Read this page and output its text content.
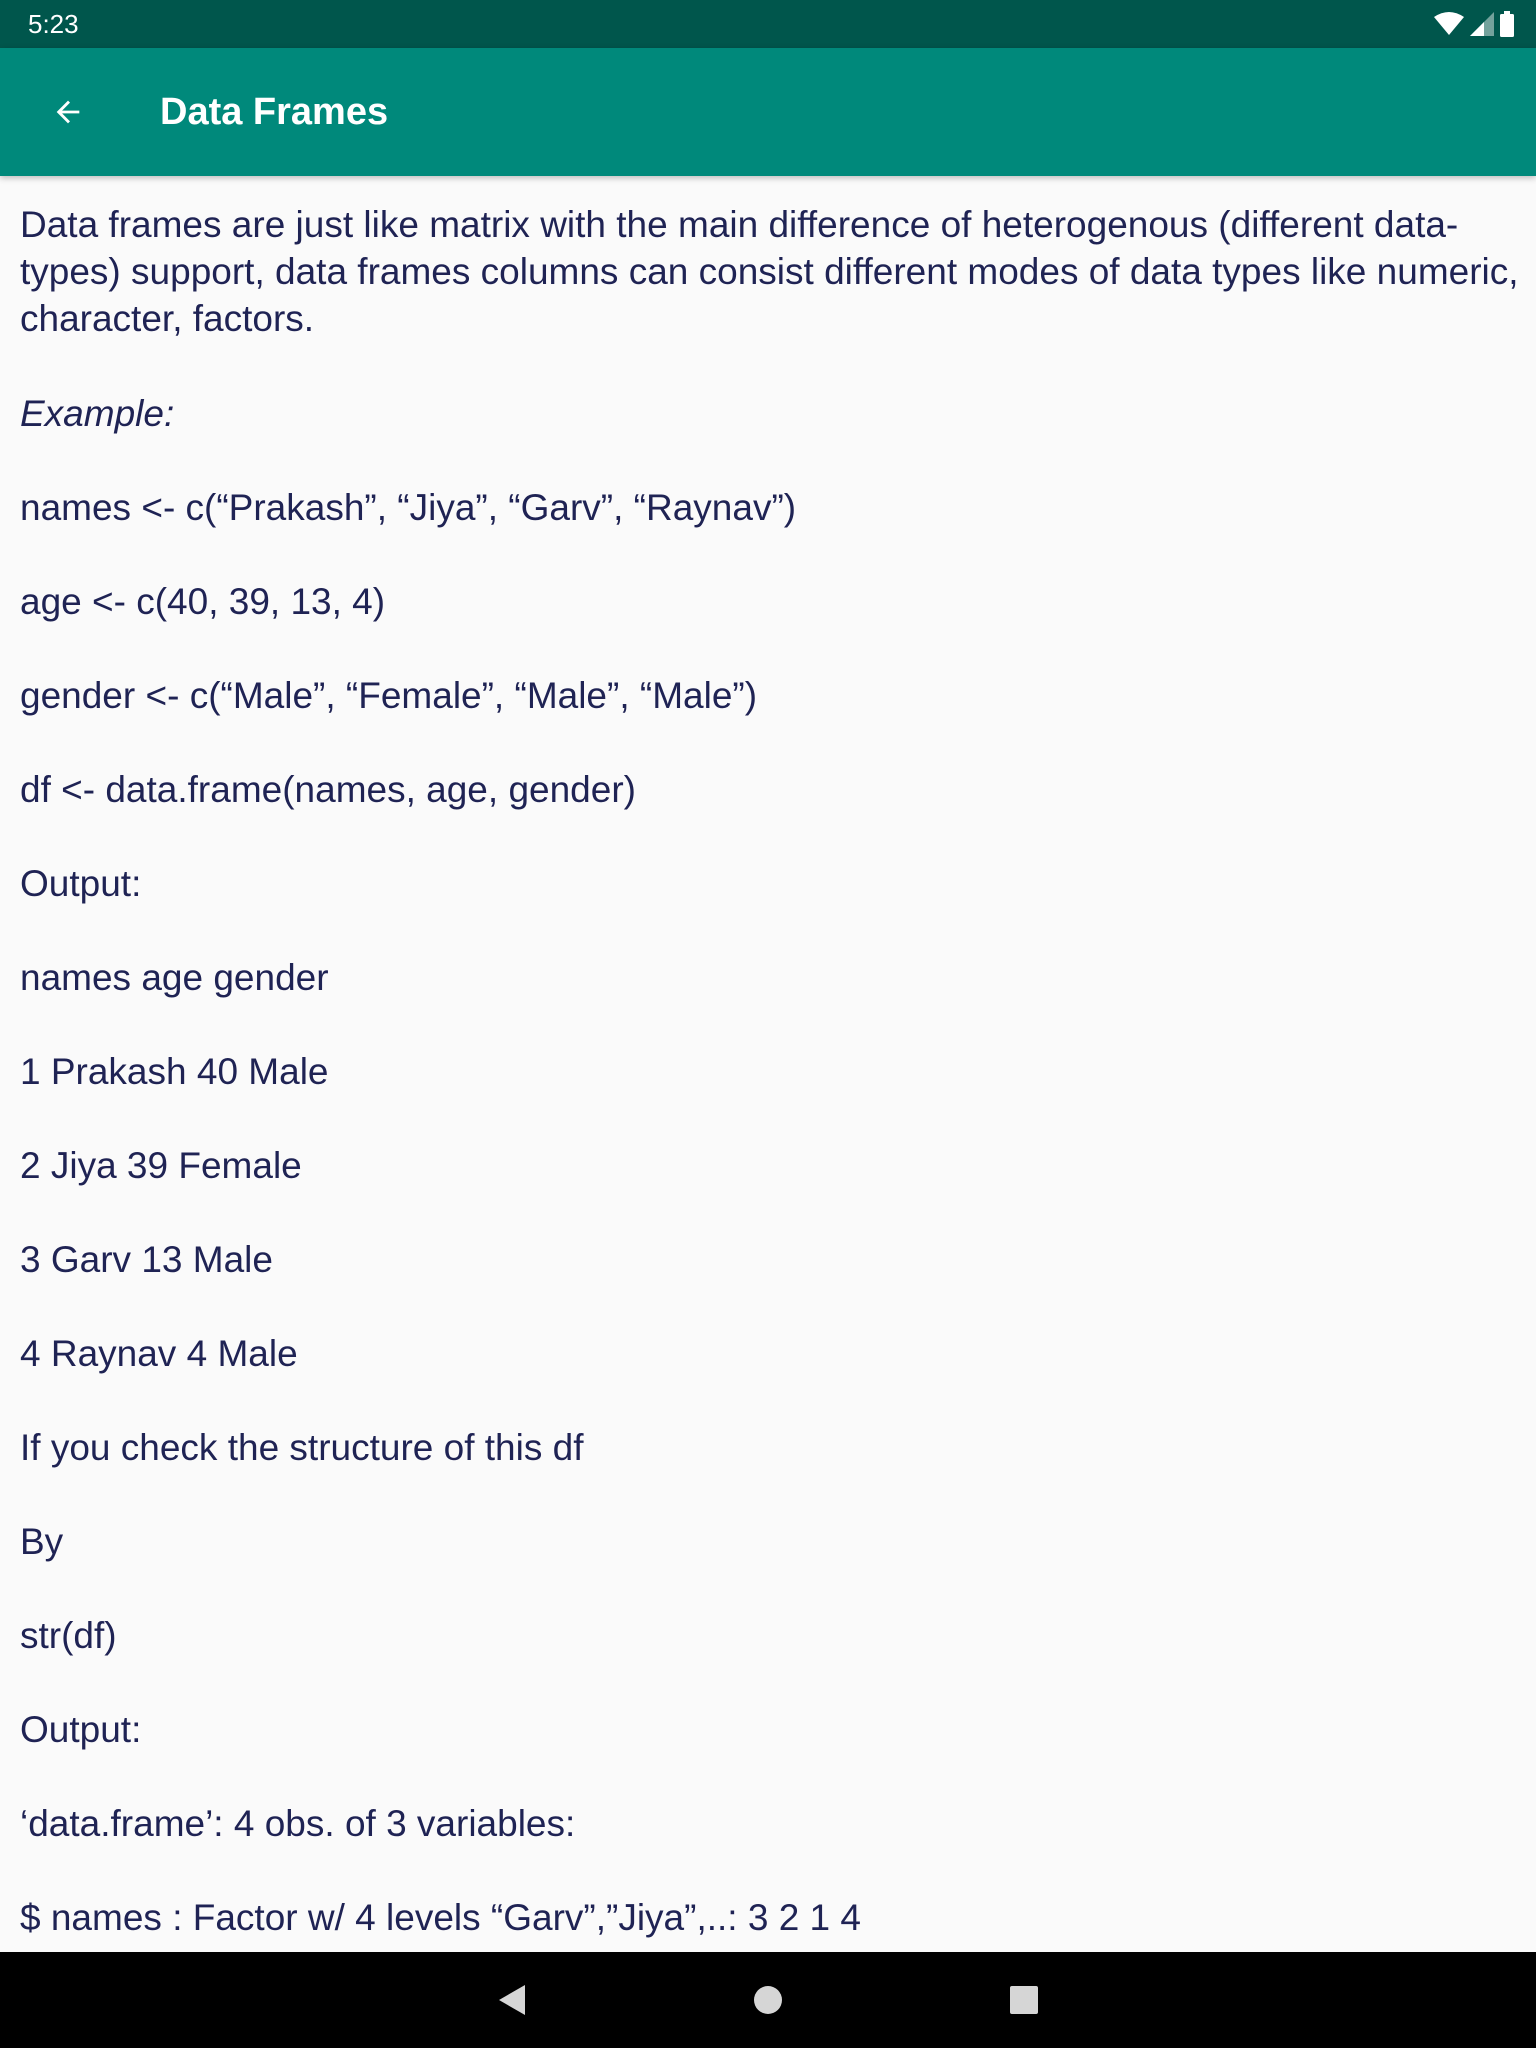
5:23
Data Frames

Data frames are just like matrix with the main difference of heterogenous (different data-types) support, data frames columns can consist different modes of data types like numeric, character, factors.

Example:

names <- c(“Prakash”, “Jiya”, “Garv”, “Raynav”)

age <- c(40, 39, 13, 4)

gender <- c(“Male”, “Female”, “Male”, “Male”)

df <- data.frame(names, age, gender)

Output:

names age gender

1 Prakash 40 Male

2 Jiya 39 Female

3 Garv 13 Male

4 Raynav 4 Male

If you check the structure of this df

By

str(df)

Output:

‘data.frame’: 4 obs. of 3 variables:

$ names : Factor w/ 4 levels “Garv”,”Jiya”,..: 3 2 1 4
